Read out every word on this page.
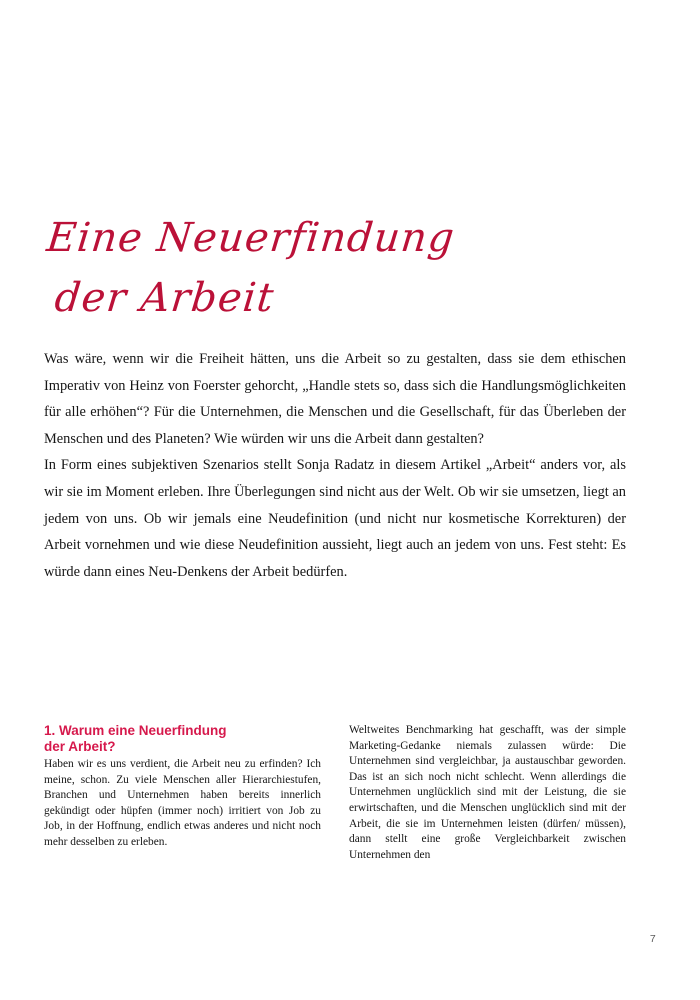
Eine Neuerfindung
der Arbeit

Was wäre, wenn wir die Freiheit hätten, uns die Arbeit so zu gestalten, dass sie dem ethischen Imperativ von Heinz von Foerster gehorcht, „Handle stets so, dass sich die Handlungsmöglichkeiten für alle erhöhen“? Für die Unternehmen, die Menschen und die Gesellschaft, für das Überleben der Menschen und des Planeten? Wie würden wir uns die Arbeit dann gestalten?

In Form eines subjektiven Szenarios stellt Sonja Radatz in diesem Artikel „Arbeit“ anders vor, als wir sie im Moment erleben. Ihre Überlegungen sind nicht aus der Welt. Ob wir sie umsetzen, liegt an jedem von uns. Ob wir jemals eine Neudefinition (und nicht nur kosmetische Korrekturen) der Arbeit vornehmen und wie diese Neudefinition aussieht, liegt auch an jedem von uns. Fest steht: Es würde dann eines Neu-Denkens der Arbeit bedürfen.

1. Warum eine Neuerfindung
der Arbeit?

Haben wir es uns verdient, die Arbeit neu zu erfinden? Ich meine, schon. Zu viele Menschen aller Hierarchiestufen, Branchen und Unternehmen haben bereits innerlich gekündigt oder hüpfen (immer noch) irritiert von Job zu Job, in der Hoffnung, endlich etwas anderes und nicht noch mehr desselben zu erleben.

Weltweites Benchmarking hat geschafft, was der simple Marketing-Gedanke niemals zulassen würde: Die Unternehmen sind vergleichbar, ja austauschbar geworden. Das ist an sich noch nicht schlecht. Wenn allerdings die Unternehmen unglücklich sind mit der Leistung, die sie erwirtschaften, und die Menschen unglücklich sind mit der Arbeit, die sie im Unternehmen leisten (dürfen/ müssen), dann stellt eine große Vergleichbarkeit zwischen Unternehmen den

7
